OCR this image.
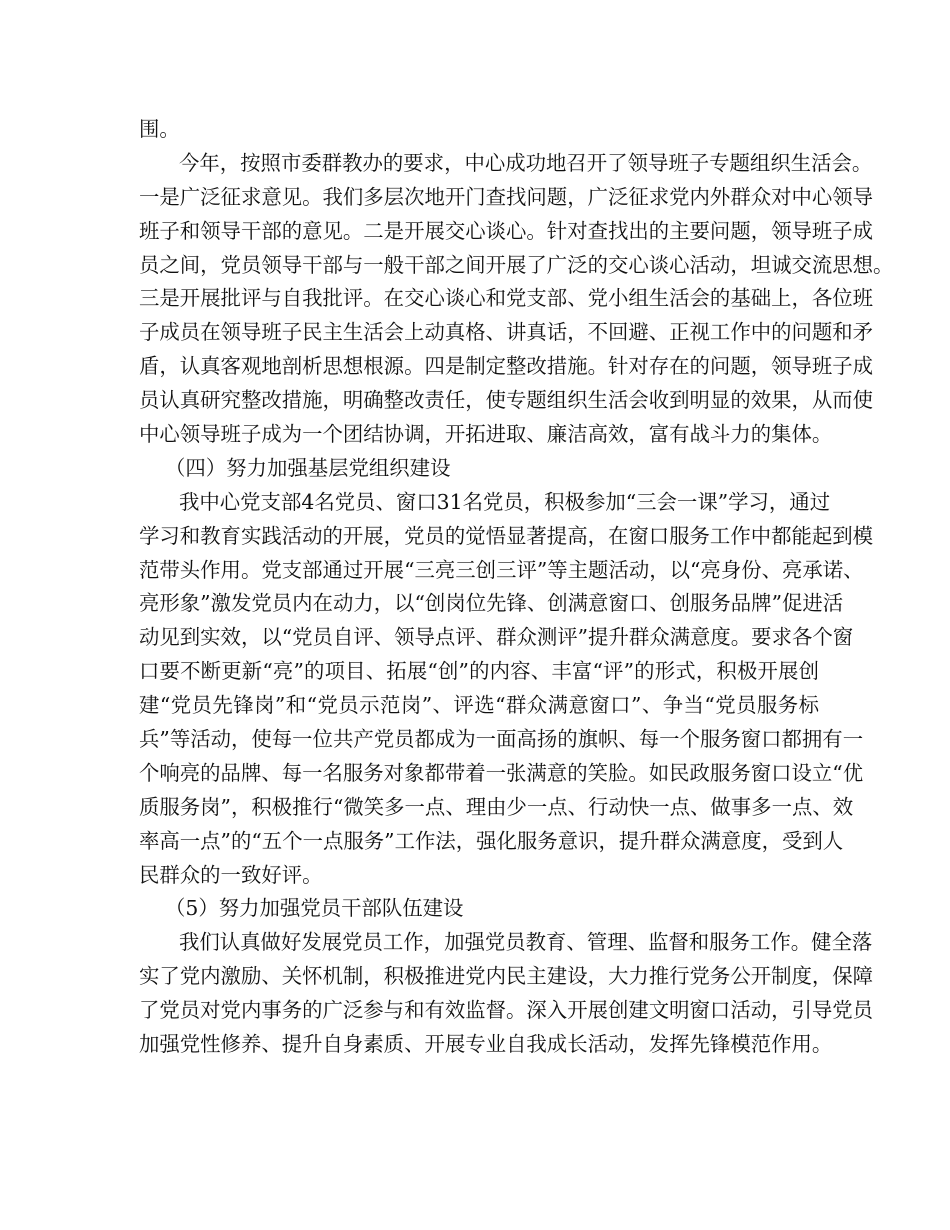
围。
今年，按照市委群教办的要求，中心成功地召开了领导班子专题组织生活会。
一是广泛征求意见。我们多层次地开门查找问题，广泛征求党内外群众对中心领导
班子和领导干部的意见。二是开展交心谈心。针对查找出的主要问题，领导班子成
员之间，党员领导干部与一般干部之间开展了广泛的交心谈心活动，坦诚交流思想。
三是开展批评与自我批评。在交心谈心和党支部、党小组生活会的基础上，各位班
子成员在领导班子民主生活会上动真格、讲真话，不回避、正视工作中的问题和矛
盾，认真客观地剖析思想根源。四是制定整改措施。针对存在的问题，领导班子成
员认真研究整改措施，明确整改责任，使专题组织生活会收到明显的效果，从而使
中心领导班子成为一个团结协调，开拓进取、廉洁高效，富有战斗力的集体。
（四）努力加强基层党组织建设
我中心党支部4名党员、窗口31名党员，积极参加“三会一课”学习，通过
学习和教育实践活动的开展，党员的觉悟显著提高，在窗口服务工作中都能起到模
范带头作用。党支部通过开展“三亮三创三评”等主题活动，以“亮身份、亮承诺、
亮形象”激发党员内在动力，以“创岗位先锋、创满意窗口、创服务品牌”促进活
动见到实效，以“党员自评、领导点评、群众测评”提升群众满意度。要求各个窗
口要不断更新“亮”的项目、拓展“创”的内容、丰富“评”的形式，积极开展创
建“党员先锋岗”和“党员示范岗”、评选“群众满意窗口”、争当“党员服务标
兵”等活动，使每一位共产党员都成为一面高扬的旗帜、每一个服务窗口都拥有一
个响亮的品牌、每一名服务对象都带着一张满意的笑脸。如民政服务窗口设立“优
质服务岗”，积极推行“微笑多一点、理由少一点、行动快一点、做事多一点、效
率高一点”的“五个一点服务”工作法，强化服务意识，提升群众满意度，受到人
民群众的一致好评。
（5）努力加强党员干部队伍建设
我们认真做好发展党员工作，加强党员教育、管理、监督和服务工作。健全落
实了党内激励、关怀机制，积极推进党内民主建设，大力推行党务公开制度，保障
了党员对党内事务的广泛参与和有效监督。深入开展创建文明窗口活动，引导党员
加强党性修养、提升自身素质、开展专业自我成长活动，发挥先锋模范作用。
